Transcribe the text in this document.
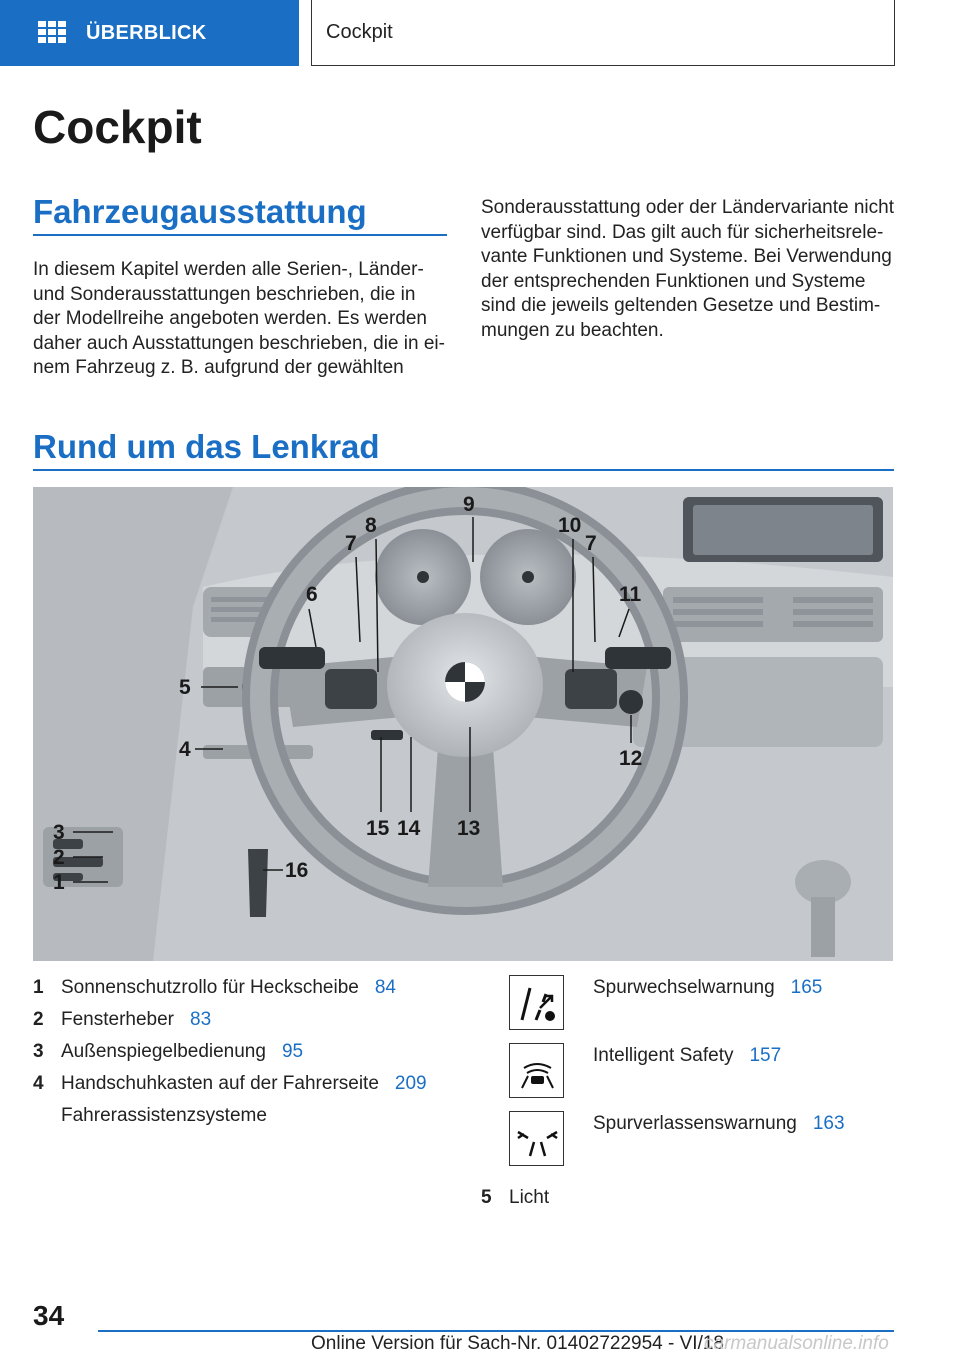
ÜBERBLICK	Cockpit
Cockpit
Fahrzeugausstattung
In diesem Kapitel werden alle Serien-, Länder-
und Sonderausstattungen beschrieben, die in
der Modellreihe angeboten werden. Es werden
daher auch Ausstattungen beschrieben, die in ei‐
nem Fahrzeug z. B. aufgrund der gewählten
Sonderausstattung oder der Ländervariante nicht
verfügbar sind. Das gilt auch für sicherheitsrele‐
vante Funktionen und Systeme. Bei Verwendung
der entsprechenden Funktionen und Systeme
sind die jeweils geltenden Gesetze und Bestim‐
mungen zu beachten.
Rund um das Lenkrad
6
7
8
9
10
7
11
5
4	12
13
14
15
16
3
2
1
1 Sonnenschutzrollo für Heckscheibe 84
2 Fensterheber 83
3 Außenspiegelbedienung 95
4 Handschuhkasten auf der Fahrerseite 209
Fahrerassistenzsysteme
Spurwechselwarnung 165
Intelligent Safety 157
Spurverlassenswarnung 163
5 Licht
34
Online Version für Sach-Nr. 01402722954 - VI/18
carmanualsonline.info
